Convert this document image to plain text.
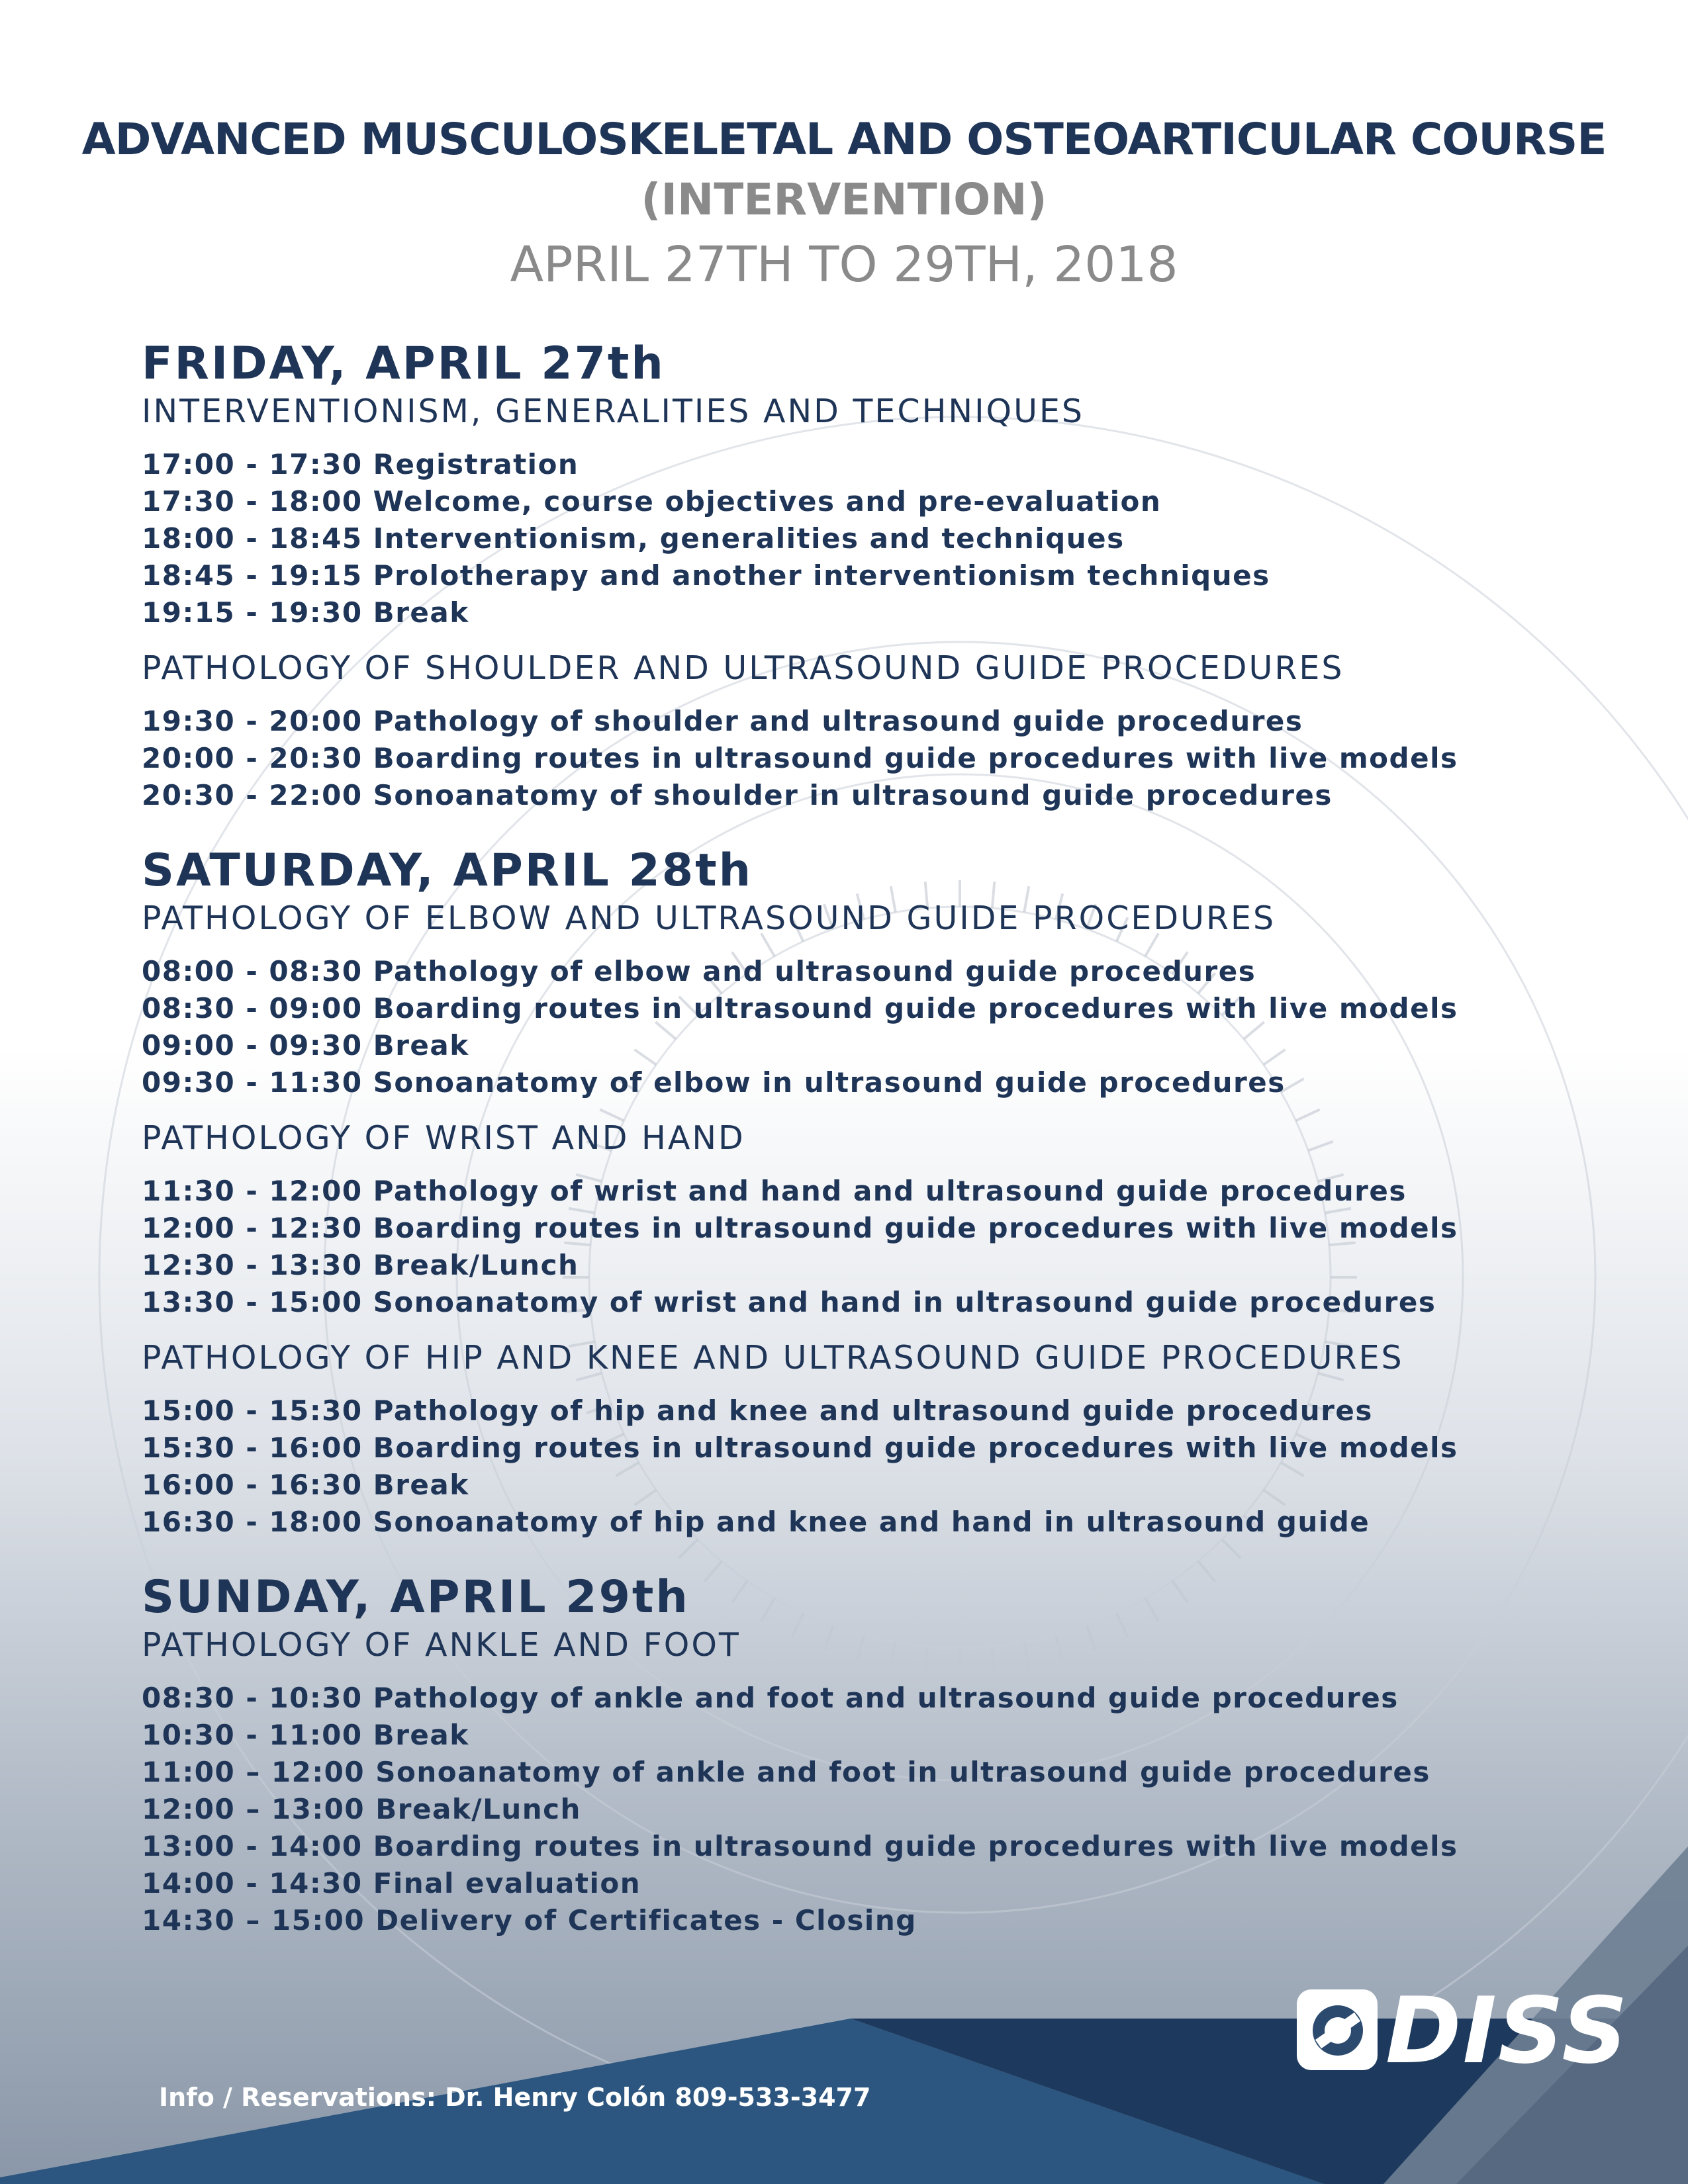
ADVANCED MUSCULOSKELETAL AND OSTEOARTICULAR COURSE
(INTERVENTION)
APRIL 27TH TO 29TH, 2018
FRIDAY, APRIL 27th
INTERVENTIONISM, GENERALITIES AND TECHNIQUES
17:00 - 17:30 Registration
17:30 - 18:00 Welcome, course objectives and pre-evaluation
18:00 - 18:45 Interventionism, generalities and techniques
18:45 - 19:15 Prolotherapy and another interventionism techniques
19:15 - 19:30 Break
PATHOLOGY OF SHOULDER AND ULTRASOUND GUIDE PROCEDURES
19:30 - 20:00 Pathology of shoulder and ultrasound guide procedures
20:00 - 20:30 Boarding routes in ultrasound guide procedures with live models
20:30 - 22:00 Sonoanatomy of shoulder in ultrasound guide procedures
SATURDAY, APRIL 28th
PATHOLOGY OF ELBOW AND ULTRASOUND GUIDE PROCEDURES
08:00 - 08:30 Pathology of elbow and ultrasound guide procedures
08:30 - 09:00 Boarding routes in ultrasound guide procedures with live models
09:00 - 09:30 Break
09:30 - 11:30 Sonoanatomy of elbow in ultrasound guide procedures
PATHOLOGY OF WRIST AND HAND
11:30 - 12:00 Pathology of wrist and hand and ultrasound guide procedures
12:00 - 12:30 Boarding routes in ultrasound guide procedures with live models
12:30 - 13:30 Break/Lunch
13:30 - 15:00 Sonoanatomy of wrist and hand in ultrasound guide procedures
PATHOLOGY OF HIP AND KNEE AND ULTRASOUND GUIDE PROCEDURES
15:00 - 15:30 Pathology of hip and knee and ultrasound guide procedures
15:30 - 16:00 Boarding routes in ultrasound guide procedures with live models
16:00 - 16:30 Break
16:30 - 18:00 Sonoanatomy of hip and knee and hand in ultrasound guide
SUNDAY, APRIL 29th
PATHOLOGY OF ANKLE AND FOOT
08:30 - 10:30 Pathology of ankle and foot and ultrasound guide procedures
10:30 - 11:00 Break
11:00 – 12:00 Sonoanatomy of ankle and foot in ultrasound guide procedures
12:00 – 13:00 Break/Lunch
13:00 - 14:00 Boarding routes in ultrasound guide procedures with live models
14:00 - 14:30 Final evaluation
14:30 – 15:00 Delivery of Certificates - Closing
Info / Reservations: Dr. Henry Colón 809-533-3477
DISS
